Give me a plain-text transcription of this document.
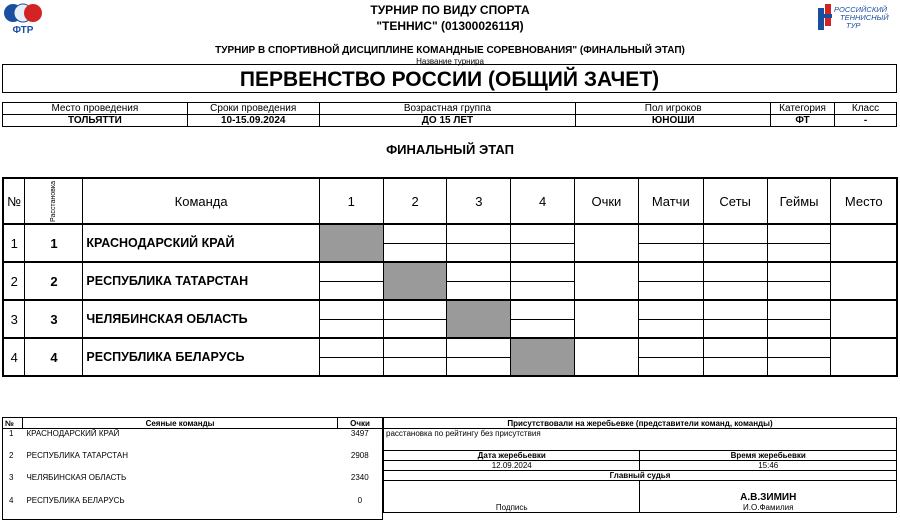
ФТР
РОССИЙСКИЙ
ТЕННИСНЫЙ
ТУР
ТУРНИР ПО ВИДУ СПОРТА
"ТЕННИС" (0130002611Я)
ТУРНИР В СПОРТИВНОЙ ДИСЦИПЛИНЕ КОМАНДНЫЕ СОРЕВНОВАНИЯ" (ФИНАЛЬНЫЙ ЭТАП)
Название турнира
ПЕРВЕНСТВО РОССИИ (ОБЩИЙ ЗАЧЕТ)
Место проведения	Сроки проведения	Возрастная группа	Пол игроков	Категория	Класс
ТОЛЬЯТТИ	10-15.09.2024	ДО 15 ЛЕТ	ЮНОШИ	ФТ	-
ФИНАЛЬНЫЙ ЭТАП
№	Расстановка	Команда	1	2	3	4	Очки	Матчи	Сеты	Геймы	Место
1	1	КРАСНОДАРСКИЙ КРАЙ									

2	2	РЕСПУБЛИКА ТАТАРСТАН									

3	3	ЧЕЛЯБИНСКАЯ ОБЛАСТЬ									

4	4	РЕСПУБЛИКА БЕЛАРУСЬ									

№	Сеяные команды	Очки
1	КРАСНОДАРСКИЙ КРАЙ	3497
2	РЕСПУБЛИКА ТАТАРСТАН	2908
3	ЧЕЛЯБИНСКАЯ ОБЛАСТЬ	2340
4	РЕСПУБЛИКА БЕЛАРУСЬ	0
Присутствовали на жеребьевке (представители команд, команды)	
расстановка по рейтингу без присутствия	
Дата жеребьевки	Время жеребьевки
12.09.2024	15:46
Главный судья	
Подпись	А.В.ЗИМИН
И.О.Фамилия
